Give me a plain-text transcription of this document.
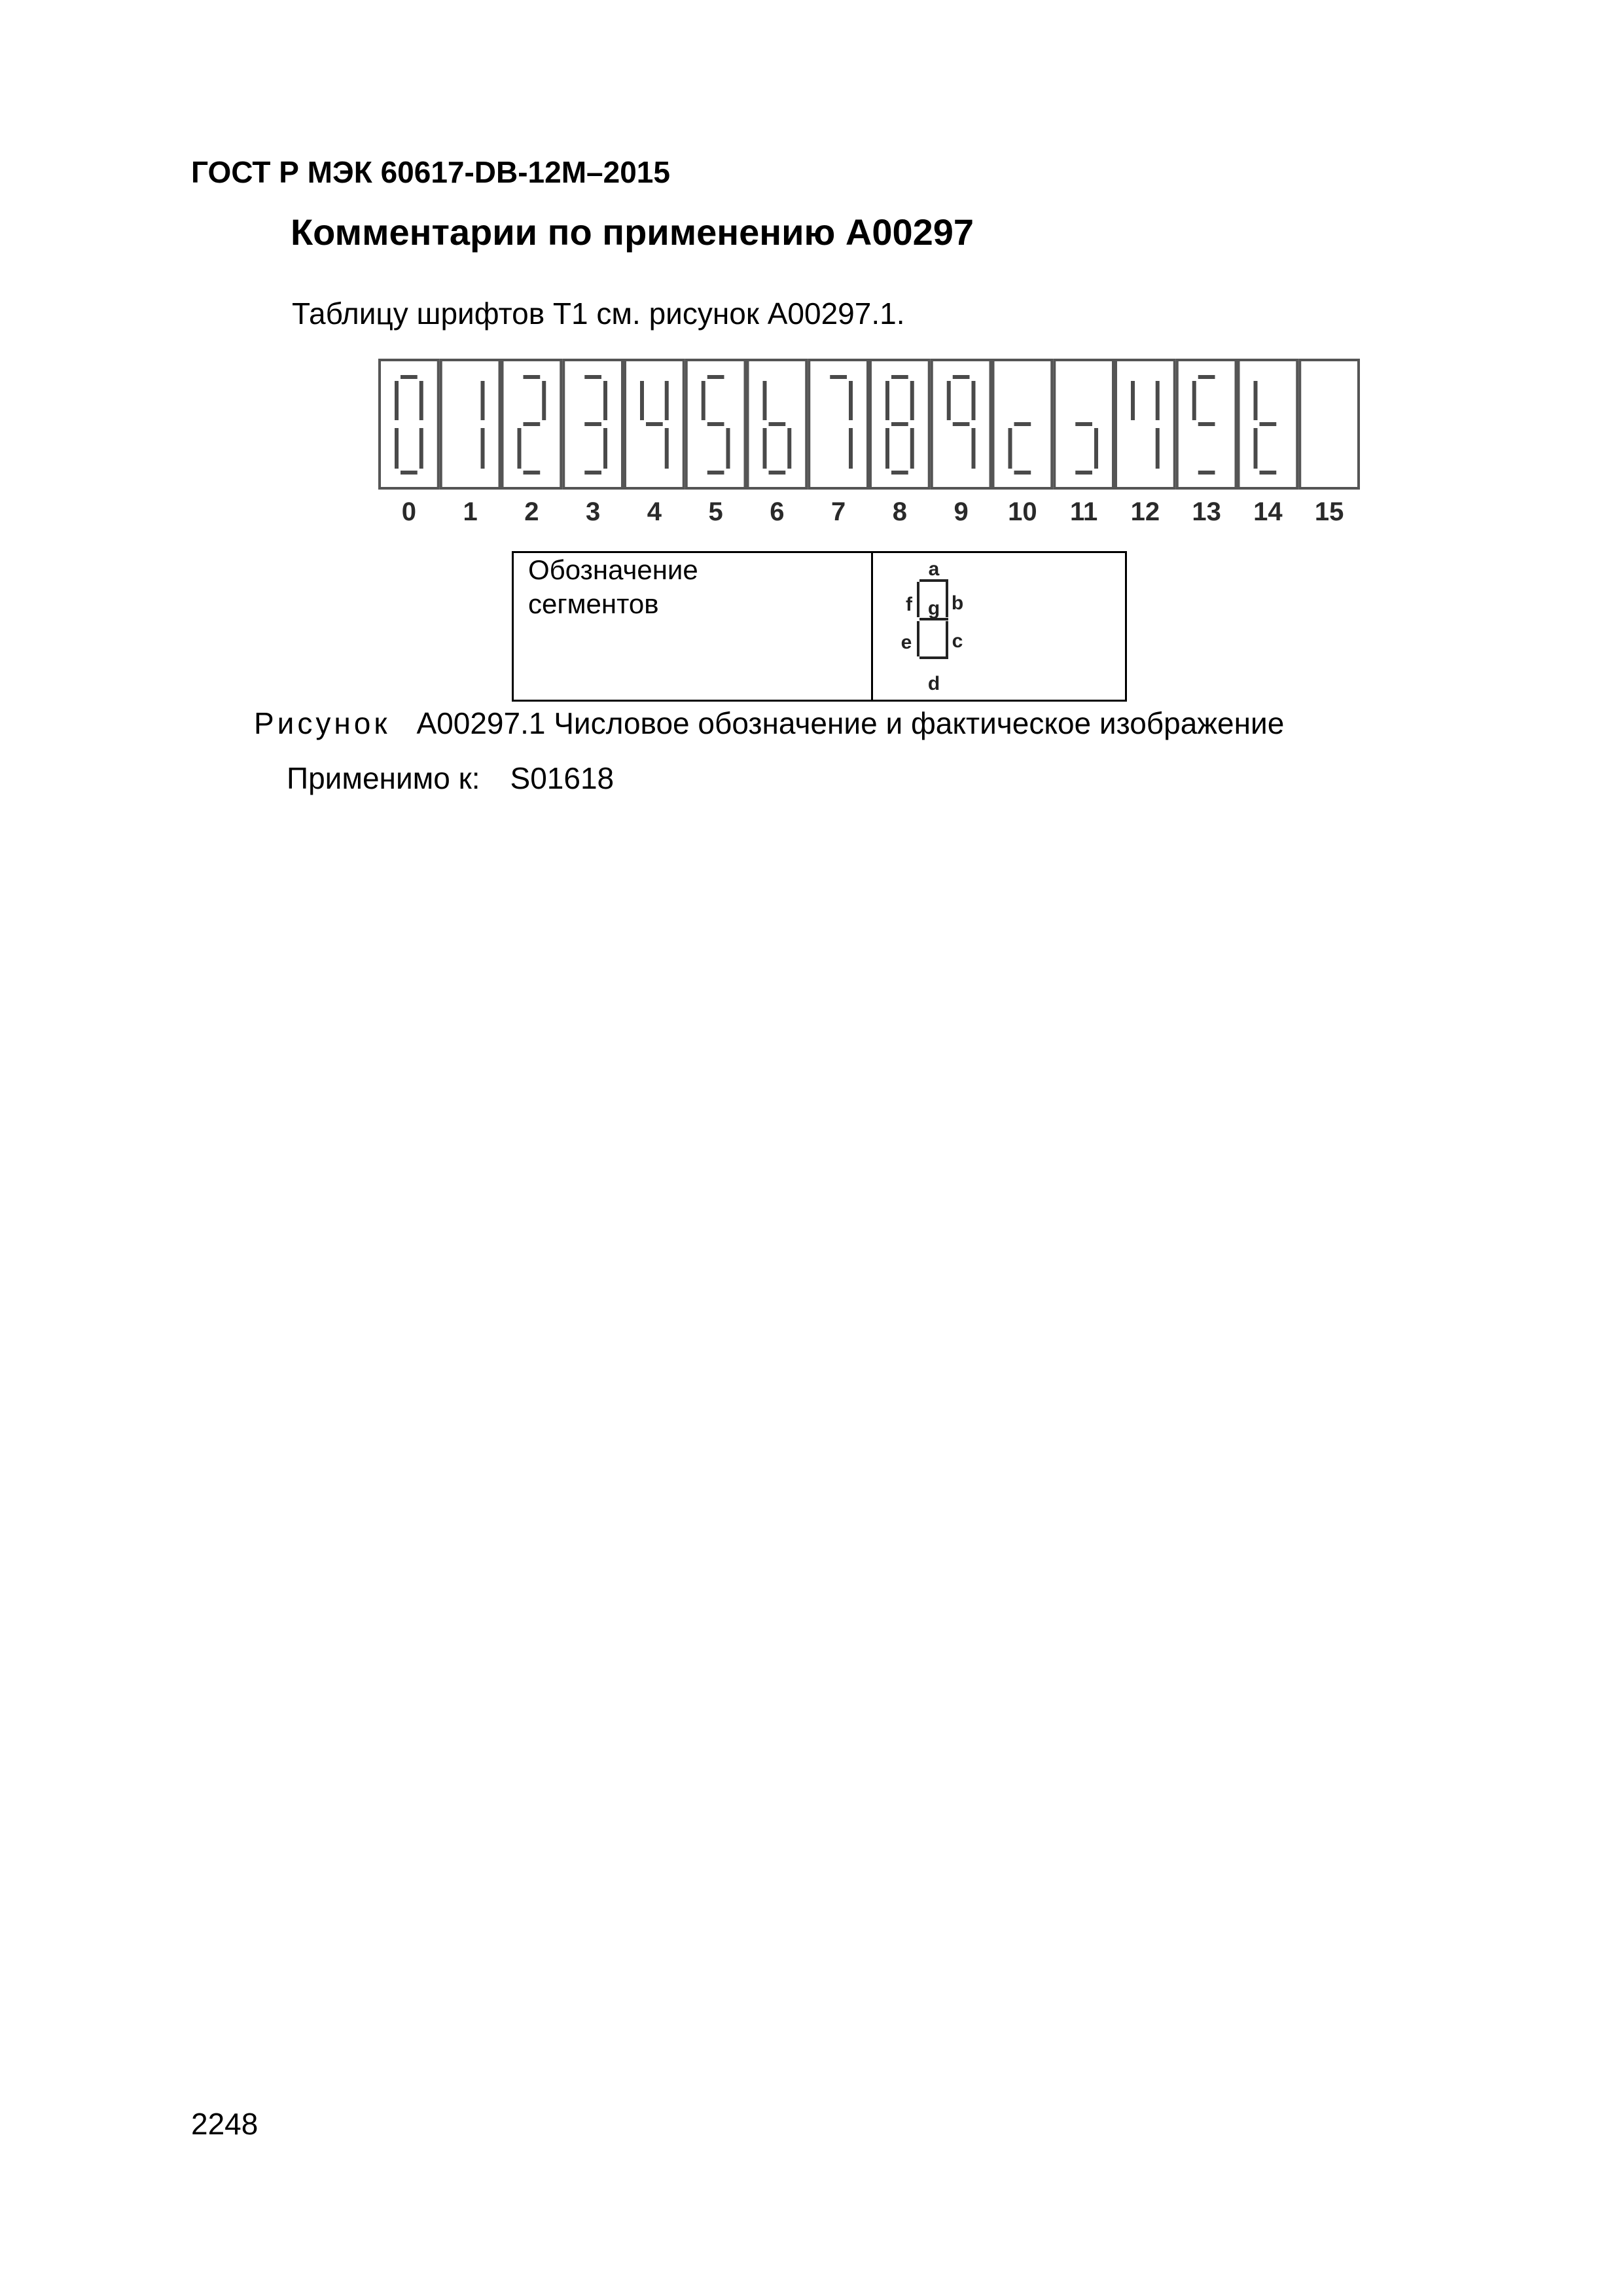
ГОСТ Р МЭК 60617-DB-12M–2015
Комментарии по применению A00297
Таблицу шрифтов T1 см. рисунок A00297.1.
0	1	2	3	4	5	6	7	8	9	10	11	12	13	14	15
Обозначение
сегментов
a
g
d
b
c
f
e
Рисунок A00297.1 Числовое обозначение и фактическое изображение
Применимо к: S01618
2248
